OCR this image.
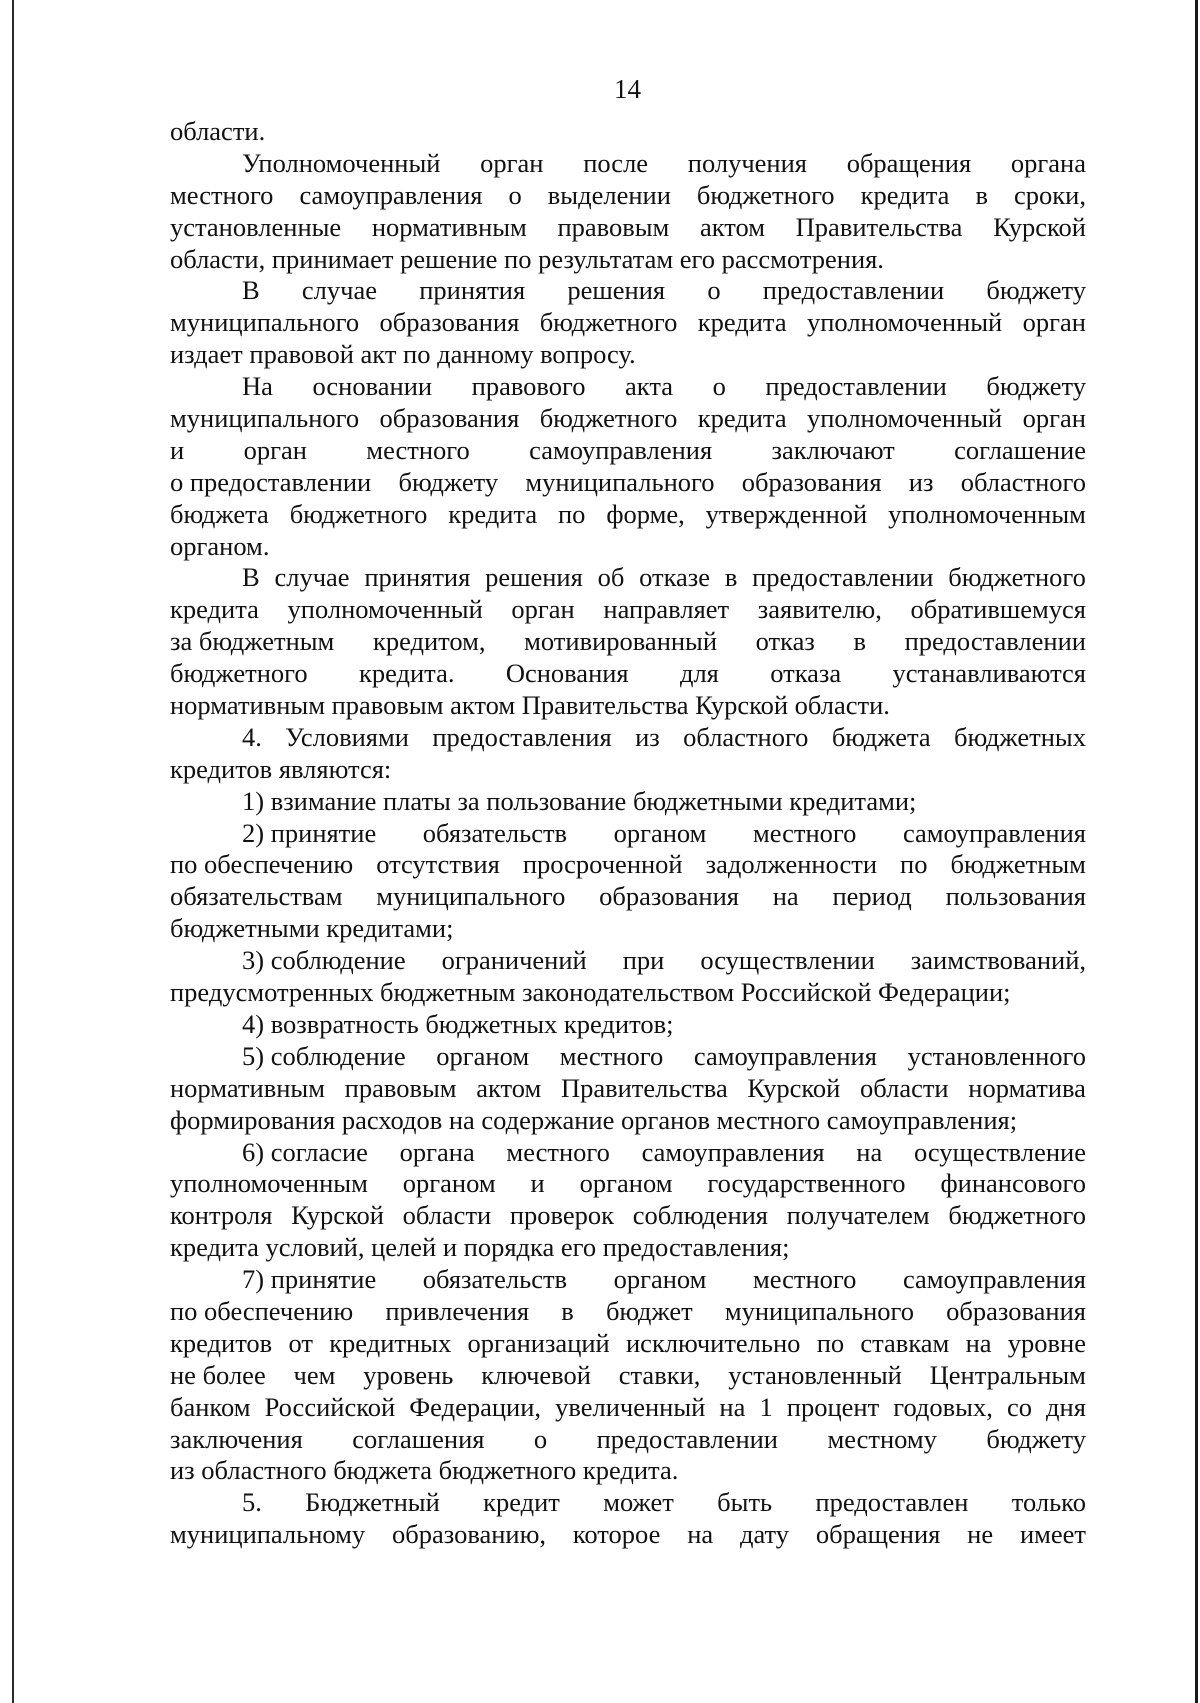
14
области.
Уполномоченный орган после получения обращения органа
местного самоуправления о выделении бюджетного кредита в сроки,
установленные нормативным правовым актом Правительства Курской
области, принимает решение по результатам его рассмотрения.
В случае принятия решения о предоставлении бюджету
муниципального образования бюджетного кредита уполномоченный орган
издает правовой акт по данному вопросу.
На основании правового акта о предоставлении бюджету
муниципального образования бюджетного кредита уполномоченный орган
и орган местного самоуправления заключают соглашение
о предоставлении бюджету муниципального образования из областного
бюджета бюджетного кредита по форме, утвержденной уполномоченным
органом.
В случае принятия решения об отказе в предоставлении бюджетного
кредита уполномоченный орган направляет заявителю, обратившемуся
за бюджетным кредитом, мотивированный отказ в предоставлении
бюджетного кредита. Основания для отказа устанавливаются
нормативным правовым актом Правительства Курской области.
4. Условиями предоставления из областного бюджета бюджетных
кредитов являются:
1) взимание платы за пользование бюджетными кредитами;
2) принятие обязательств органом местного самоуправления
по обеспечению отсутствия просроченной задолженности по бюджетным
обязательствам муниципального образования на период пользования
бюджетными кредитами;
3) соблюдение ограничений при осуществлении заимствований,
предусмотренных бюджетным законодательством Российской Федерации;
4) возвратность бюджетных кредитов;
5) соблюдение органом местного самоуправления установленного
нормативным правовым актом Правительства Курской области норматива
формирования расходов на содержание органов местного самоуправления;
6) согласие органа местного самоуправления на осуществление
уполномоченным органом и органом государственного финансового
контроля Курской области проверок соблюдения получателем бюджетного
кредита условий, целей и порядка его предоставления;
7) принятие обязательств органом местного самоуправления
по обеспечению привлечения в бюджет муниципального образования
кредитов от кредитных организаций исключительно по ставкам на уровне
не более чем уровень ключевой ставки, установленный Центральным
банком Российской Федерации, увеличенный на 1 процент годовых, со дня
заключения соглашения о предоставлении местному бюджету
из областного бюджета бюджетного кредита.
5. Бюджетный кредит может быть предоставлен только
муниципальному образованию, которое на дату обращения не имеет
